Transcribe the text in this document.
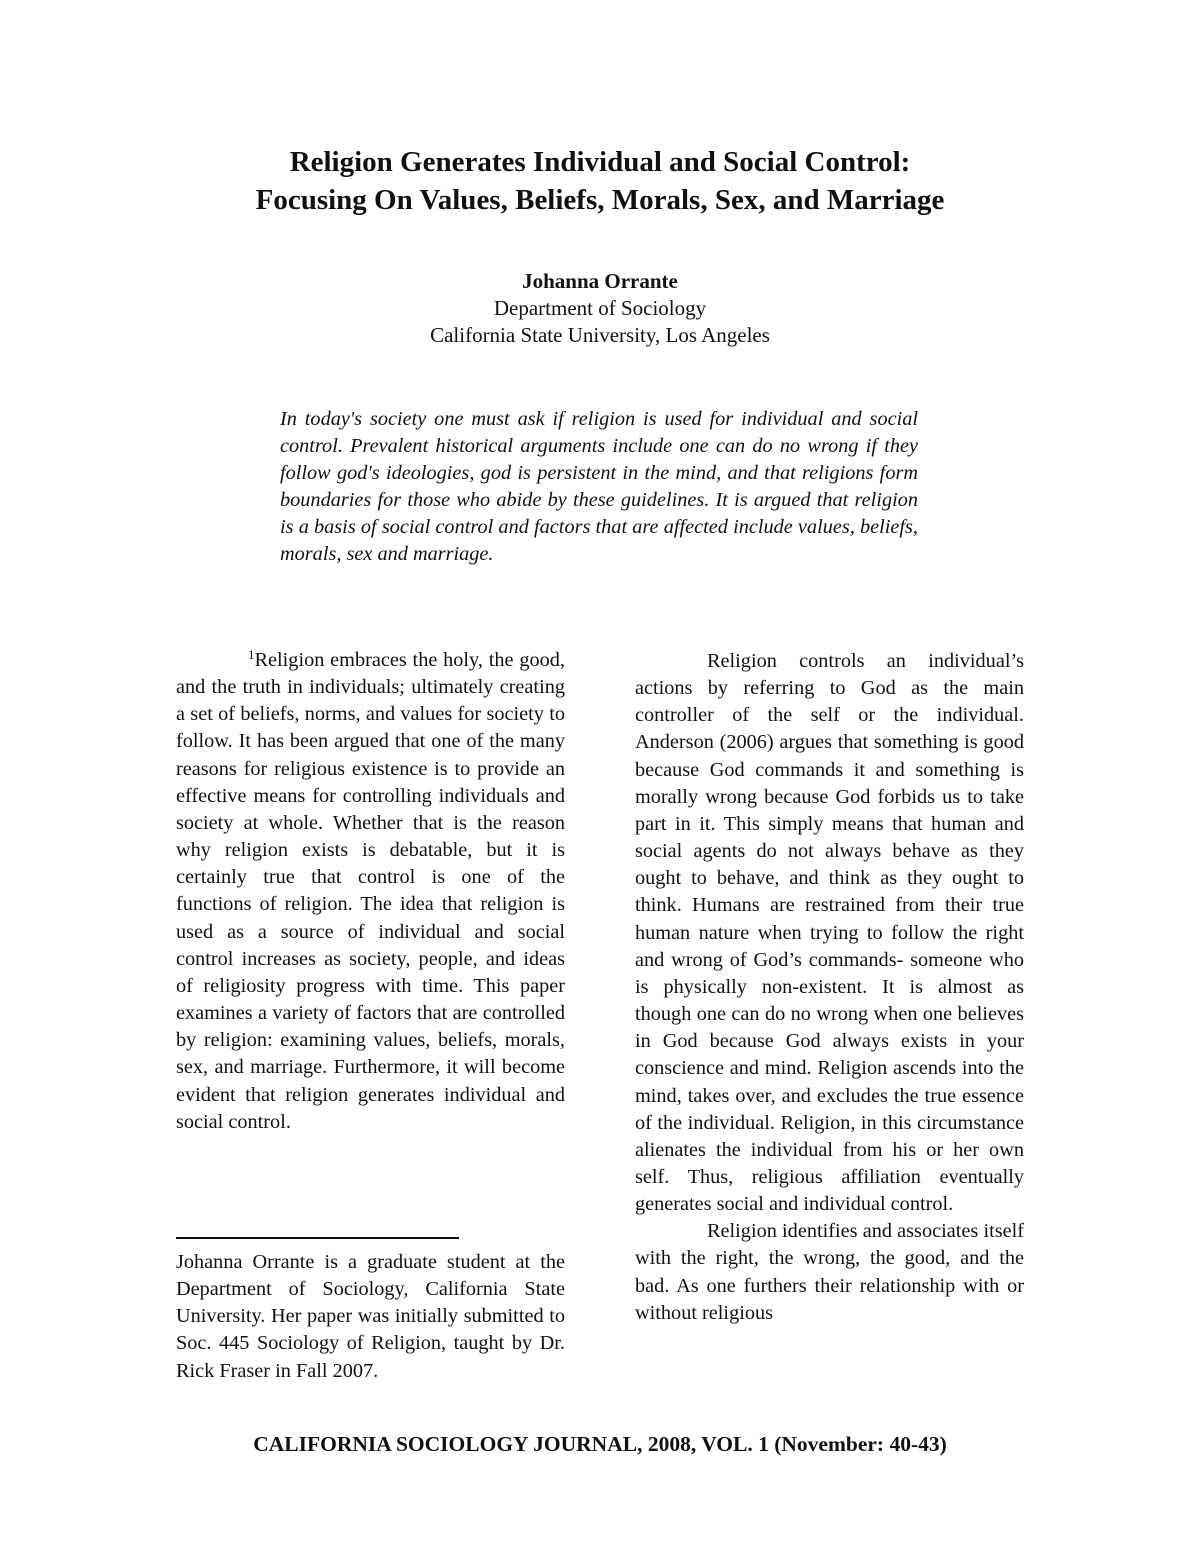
Religion Generates Individual and Social Control:
Focusing On Values, Beliefs, Morals, Sex, and Marriage
Johanna Orrante
Department of Sociology
California State University, Los Angeles

In today's society one must ask if religion is used for individual and social control. Prevalent historical arguments include one can do no wrong if they follow god's ideologies, god is persistent in the mind, and that religions form boundaries for those who abide by these guidelines. It is argued that religion is a basis of social control and factors that are affected include values, beliefs, morals, sex and marriage.

$^1$Religion embraces the holy, the good, and the truth in individuals; ultimately creating a set of beliefs, norms, and values for society to follow. It has been argued that one of the many reasons for religious existence is to provide an effective means for controlling individuals and society at whole. Whether that is the reason why religion exists is debatable, but it is certainly true that control is one of the functions of religion. The idea that religion is used as a source of individual and social control increases as society, people, and ideas of religiosity progress with time. This paper examines a variety of factors that are controlled by religion: examining values, beliefs, morals, sex, and marriage. Furthermore, it will become evident that religion generates individual and social control.

Johanna Orrante is a graduate student at the Department of Sociology, California State University. Her paper was initially submitted to Soc. 445 Sociology of Religion, taught by Dr. Rick Fraser in Fall 2007.

Religion controls an individual’s actions by referring to God as the main controller of the self or the individual. Anderson (2006) argues that something is good because God commands it and something is morally wrong because God forbids us to take part in it. This simply means that human and social agents do not always behave as they ought to behave, and think as they ought to think. Humans are restrained from their true human nature when trying to follow the right and wrong of God’s commands- someone who is physically non-existent. It is almost as though one can do no wrong when one believes in God because God always exists in your conscience and mind. Religion ascends into the mind, takes over, and excludes the true essence of the individual. Religion, in this circumstance alienates the individual from his or her own self. Thus, religious affiliation eventually generates social and individual control.

Religion identifies and associates itself with the right, the wrong, the good, and the bad. As one furthers their relationship with or without religious

CALIFORNIA SOCIOLOGY JOURNAL, 2008, VOL. 1 (November: 40-43)
